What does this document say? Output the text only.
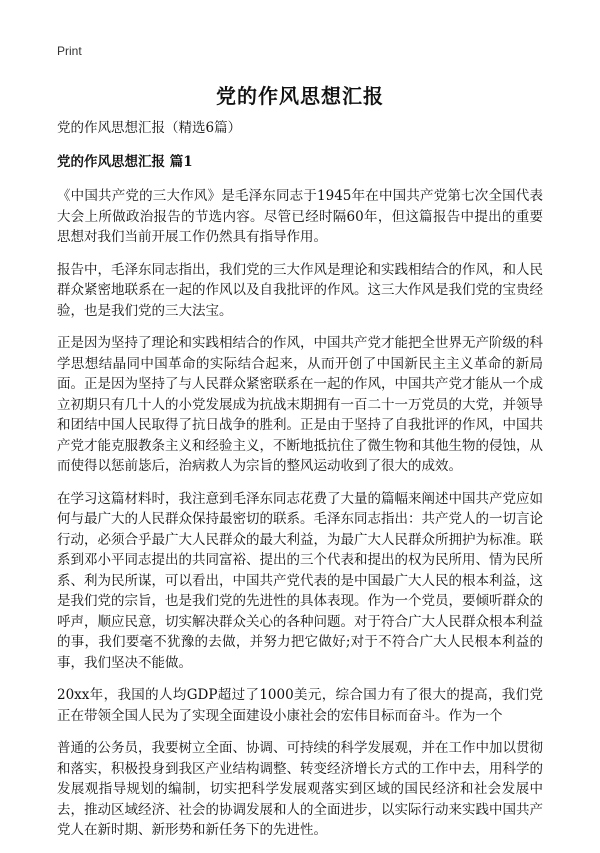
Print
党的作风思想汇报

党的作风思想汇报（精选6篇）

党的作风思想汇报 篇1

《中国共产党的三大作风》是毛泽东同志于1945年在中国共产党第七次全国代表大会上所做政治报告的节选内容。尽管已经时隔60年，但这篇报告中提出的重要思想对我们当前开展工作仍然具有指导作用。

报告中，毛泽东同志指出，我们党的三大作风是理论和实践相结合的作风，和人民群众紧密地联系在一起的作风以及自我批评的作风。这三大作风是我们党的宝贵经验，也是我们党的三大法宝。

正是因为坚持了理论和实践相结合的作风，中国共产党才能把全世界无产阶级的科学思想结晶同中国革命的实际结合起来，从而开创了中国新民主主义革命的新局面。正是因为坚持了与人民群众紧密联系在一起的作风，中国共产党才能从一个成立初期只有几十人的小党发展成为抗战末期拥有一百二十一万党员的大党，并领导和团结中国人民取得了抗日战争的胜利。正是由于坚持了自我批评的作风，中国共产党才能克服教条主义和经验主义，不断地抵抗住了微生物和其他生物的侵蚀，从而使得以惩前毖后，治病救人为宗旨的整风运动收到了很大的成效。

在学习这篇材料时，我注意到毛泽东同志花费了大量的篇幅来阐述中国共产党应如何与最广大的人民群众保持最密切的联系。毛泽东同志指出：共产党人的一切言论行动，必须合乎最广大人民群众的最大利益，为最广大人民群众所拥护为标准。联系到邓小平同志提出的共同富裕、提出的三个代表和提出的权为民所用、情为民所系、利为民所谋，可以看出，中国共产党代表的是中国最广大人民的根本利益，这是我们党的宗旨，也是我们党的先进性的具体表现。作为一个党员，要倾听群众的呼声，顺应民意，切实解决群众关心的各种问题。对于符合广大人民群众根本利益的事，我们要毫不犹豫的去做，并努力把它做好;对于不符合广大人民根本利益的事，我们坚决不能做。

20xx年，我国的人均GDP超过了1000美元，综合国力有了很大的提高，我们党正在带领全国人民为了实现全面建设小康社会的宏伟目标而奋斗。作为一个

普通的公务员，我要树立全面、协调、可持续的科学发展观，并在工作中加以贯彻和落实，积极投身到我区产业结构调整、转变经济增长方式的工作中去，用科学的发展观指导规划的编制，切实把科学发展观落实到区域的国民经济和社会发展中去，推动区域经济、社会的协调发展和人的全面进步，以实际行动来实践中国共产党人在新时期、新形势和新任务下的先进性。
